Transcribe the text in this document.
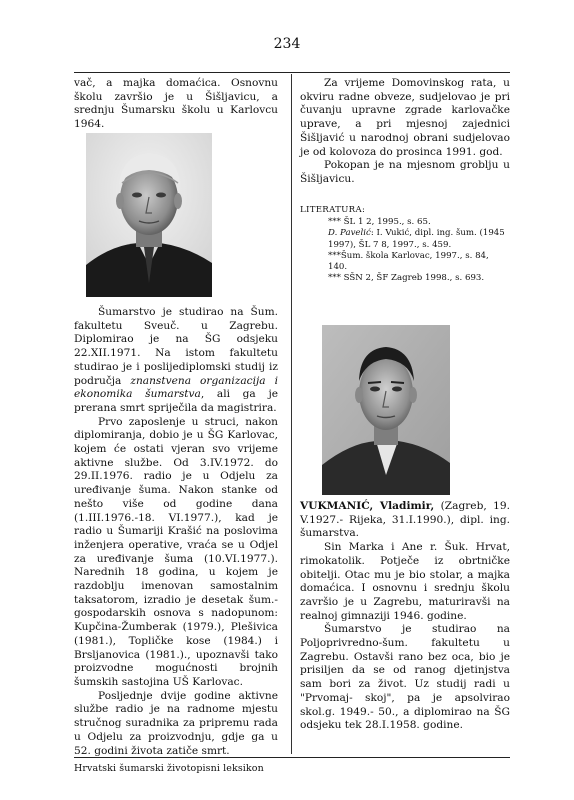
234

vač, a majka domaćica. Osnovnu školu završio je u Šišljavicu, a srednju Šumarsku školu u Karlovcu 1964.

Šumarstvo je studirao na Šum. fakultetu Sveuč. u Zagrebu. Diplomirao je na ŠG odsjeku 22.XII.1971. Na istom fakultetu studirao je i poslijediplomski studij iz područja znanstvena organizacija i ekonomika šumarstva, ali ga je prerana smrt spriječila da magistrira.

Prvo zaposlenje u struci, nakon diplomiranja, dobio je u ŠG Karlovac, kojem će ostati vjeran svo vrijeme aktivne službe. Od 3.IV.1972. do 29.II.1976. radio je u Odjelu za uređivanje šuma. Nakon stanke od nešto više od godine dana (1.III.1976.-18. VI.1977.), kad je radio u Šumariji Krašić na poslovima inženjera operative, vraća se u Odjel za uređivanje šuma (10.VI.1977.). Narednih 18 godina, u kojem je razdoblju imenovan samostalnim taksatorom, izradio je desetak šum.-gospodarskih osnova s nadopunom: Kupčina-Žumberak (1979.), Plešivica (1981.), Topličke kose (1984.) i Brsljanovica (1981.)., upoznavši tako proizvodne mogućnosti brojnih šumskih sastojina UŠ Karlovac.

Posljednje dvije godine aktivne službe radio je na radnome mjestu stručnog suradnika za pripremu rada u Odjelu za proizvodnju, gdje ga u 52. godini života zatiče smrt.

Za vrijeme Domovinskog rata, u okviru radne obveze, sudjelovao je pri čuvanju upravne zgrade karlovačke uprave, a pri mjesnoj zajednici Šišljavić u narodnoj obrani sudjelovao je od kolovoza do prosinca 1991. god.

Pokopan je na mjesnom groblju u Šišljavicu.

LITERATURA:

*** ŠL 1 2, 1995., s. 65.

D. Pavelić: I. Vukić, dipl. ing. šum. (1945 1997), ŠL 7 8, 1997., s. 459.

***Šum. škola Karlovac, 1997., s. 84, 140.

*** SŠN 2, ŠF Zagreb 1998., s. 693.

VUKMANIĆ, Vladimir, (Zagreb, 19. V.1927.- Rijeka, 31.I.1990.), dipl. ing. šumarstva.

Sin Marka i Ane r. Šuk. Hrvat, rimokatolik. Potječe iz obrtničke obitelji. Otac mu je bio stolar, a majka domaćica. I osnovnu i srednju školu završio je u Zagrebu, maturiravši na realnoj gimnaziji 1946. godine.

Šumarstvo je studirao na Poljoprivredno-šum. fakultetu u Zagrebu. Ostavši rano bez oca, bio je prisiljen da se od ranog djetinjstva sam bori za život. Uz studij radi u "Prvomaj- skoj", pa je apsolvirao skol.g. 1949.- 50., a diplomirao na ŠG odsjeku tek 28.I.1958. godine.

Hrvatski šumarski životopisni leksikon
